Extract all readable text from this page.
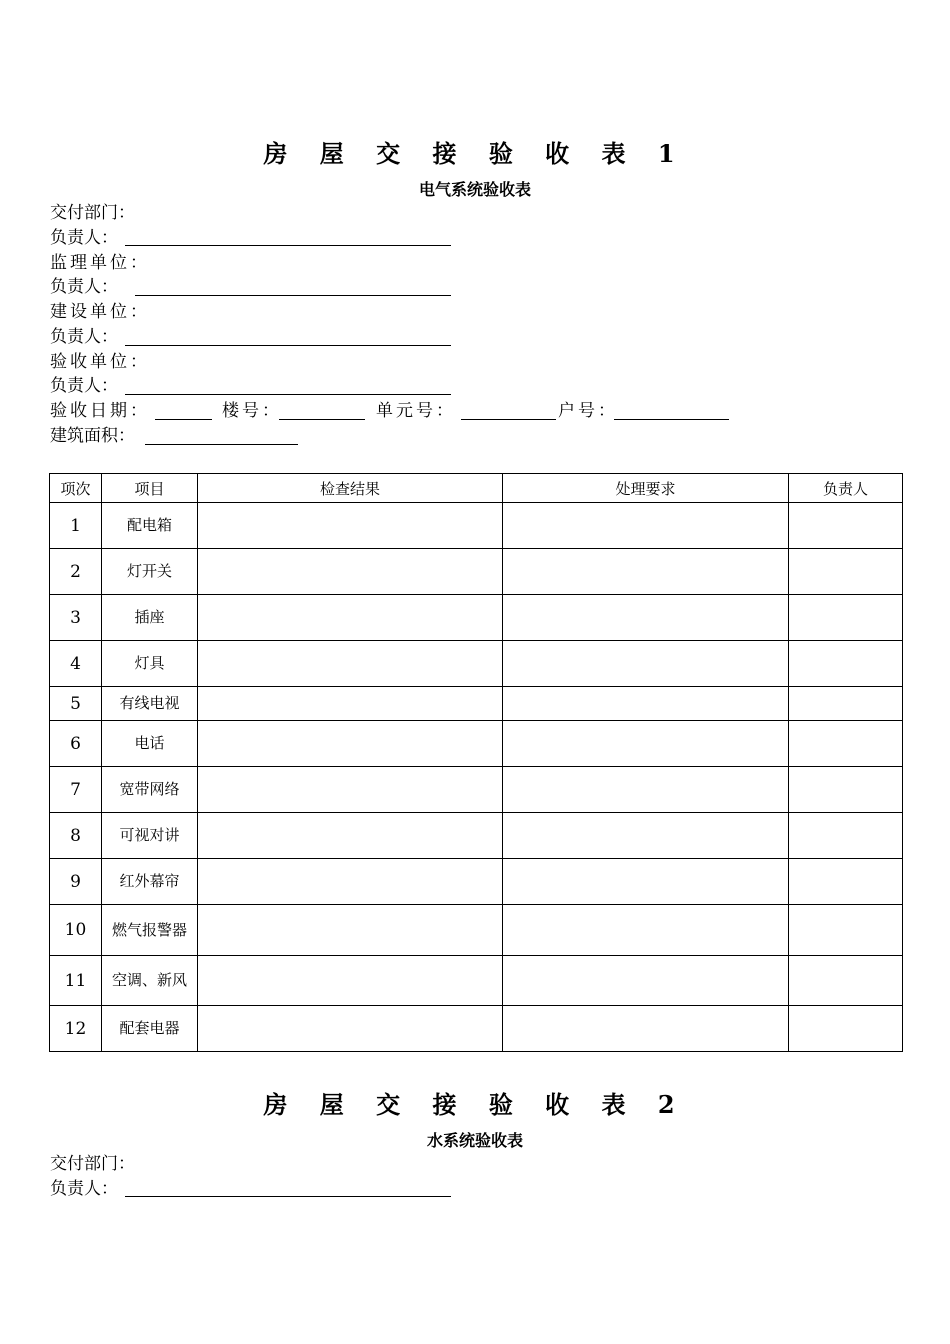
房 屋 交 接 验 收 表 1
电气系统验收表
交付部门：
负责人：
监理单位：
负责人：
建设单位：
负责人：
验收单位：
负责人：
验收日期：	楼号：	单元号：	户号：
建筑面积：
项次	项目	检查结果	处理要求	负责人
1	配电箱			
2	灯开关			
3	插座			
4	灯具			
5	有线电视			
6	电话			
7	宽带网络			
8	可视对讲			
9	红外幕帘			
10	燃气报警器			
11	空调、新风			
12	配套电器			
房 屋 交 接 验 收 表 2
水系统验收表
交付部门：
负责人：
